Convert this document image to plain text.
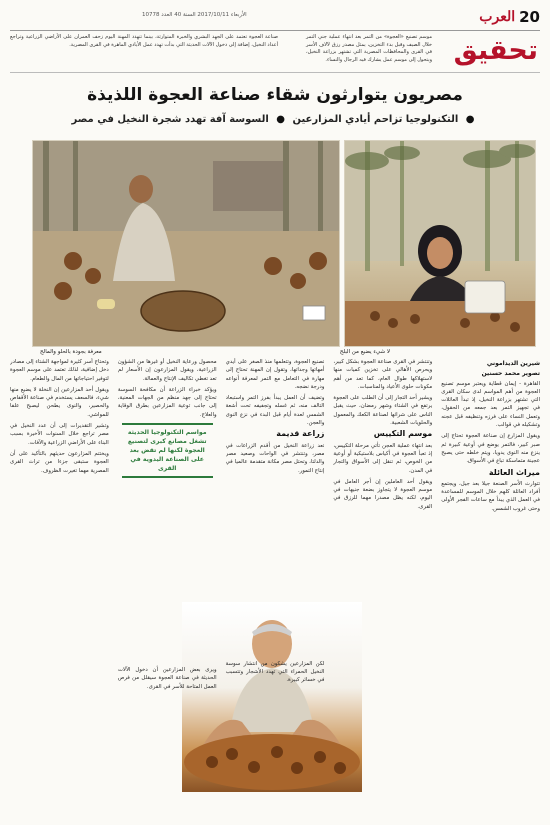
20
العرب
الأربعاء 2017/10/11 السنة 40 العدد 10778
تحقيق
موسم تصنيع «العجوة» من التمر بعد انتهاء عملية جني التمر خلال الصيف وقبل بدء التخزين، يمثل مصدر رزق لآلاف الأسر في القرى والمحافظات المصرية التي تشتهر بزراعة النخيل، ويتحول إلى موسم عمل يشارك فيه الرجال والنساء.
صناعة العجوة تعتمد على الجهد البشري والخبرة المتوارثة، بينما تتهدد المهنة اليوم زحف العمران على الأراضي الزراعية وتراجع أعداد النخيل، إضافة إلى دخول الآلات الحديثة التي بدأت تهدد عمل الأيادي الماهرة في القرى المصرية.
مصريون يتوارثون شقاء صناعة العجوة اللذيذة
● التكنولوجيا تزاحم أيادي المزارعين ● السوسة آفة تهدد شجرة النخيل في مصر
لا شيء يضيع من البلح
معرفة بجودة بالحلو والمالح
شيرين الديداموني
تصوير محمد حسنين

القاهرة - إيمان قطاية ويعتبر موسم تصنيع العجوة من أهم المواسم لدى سكان القرى التي تشتهر بزراعة النخيل، إذ تبدأ العائلات في تجهيز التمر بعد جمعه من الحقول، وتعمل النساء على فرزه وتنظيفه قبل عجنه وتشكيله في قوالب.

ويقول المزارع إن صناعة العجوة تحتاج إلى صبر كبير، فالتمر يوضع في أوعية كبيرة ثم ينزع منه النوى يدويا، ويتم خلطه حتى يصبح عجينة متماسكة تباع في الأسواق.

ميراث العائلة

تتوارث الأسر الصنعة جيلا بعد جيل، ويجتمع أفراد العائلة كلهم خلال الموسم للمساعدة في العمل الذي يبدأ مع ساعات الفجر الأولى وحتى غروب الشمس.

وتنتشر في القرى صناعة العجوة بشكل كبير، ويحرص الأهالي على تخزين كميات منها لاستهلاكها طوال العام، كما تعد من أهم مكونات حلوى الأعياد والمناسبات.

ويشير أحد التجار إلى أن الطلب على العجوة يرتفع في الشتاء وشهر رمضان، حيث يقبل الناس على شرائها لصناعة الكعك والمعمول والحلويات الشعبية.

موسم التكييس

بعد انتهاء عملية العجن تأتي مرحلة التكييس، إذ تعبأ العجوة في أكياس بلاستيكية أو أوعية من الخوص، ثم تنقل إلى الأسواق والتجار في المدن.

ويقول أحد العاملين إن أجر العامل في موسم العجوة لا يتجاوز بضعة جنيهات في اليوم، لكنه يظل مصدرا مهما للرزق في القرى.

تصنيع العجوة، وتتعلمها منذ الصغر على أيدي أمهاتها وجداتها، وتقول إن المهنة تحتاج إلى مهارة في التعامل مع التمر لمعرفة أنواعه ودرجة نضجه.

وتضيف أن العمل يبدأ بفرز التمر واستبعاد التالف منه، ثم غسله وتجفيفه تحت أشعة الشمس لعدة أيام قبل البدء في نزع النوى والعجن.

زراعة قديمة

تعد زراعة النخيل من أقدم الزراعات في مصر، وتنتشر في الواحات وصعيد مصر والدلتا، وتحتل مصر مكانة متقدمة عالميا في إنتاج التمور.

لكن المزارعين يشكون من انتشار سوسة النخيل الحمراء التي تهدد الأشجار وتتسبب في خسائر كبيرة.

محصول ورعاية النخيل أو غيرها من الشؤون الزراعية، ويقول المزارعون إن الأسعار لم تعد تغطي تكاليف الإنتاج والعمالة.

ويؤكد خبراء الزراعة أن مكافحة السوسة تحتاج إلى جهد منظم من الجهات المعنية، إلى جانب توعية المزارعين بطرق الوقاية والعلاج.

مواسم التكنولوجيا الحديثة تشغل مصانع كبرى لتصنيع العجوة لكنها لم تقض بعد على الصناعة اليدوية في القرى

ويرى بعض المزارعين أن دخول الآلات الحديثة في صناعة العجوة سيقلل من فرص العمل المتاحة للأسر في القرى.

وتحتاج أسر كثيرة لمواجهة الشتاء إلى مصادر دخل إضافية، لذلك تعتمد على موسم العجوة لتوفير احتياجاتها من المال والطعام.

ويقول أحد المزارعين إن النخلة لا يضيع منها شيء، فالسعف يستخدم في صناعة الأقفاص والحصير، والنوى يطحن ليصبح علفا للمواشي.

وتشير التقديرات إلى أن عدد النخيل في مصر تراجع خلال السنوات الأخيرة بسبب البناء على الأراضي الزراعية والآفات.

ويختتم المزارعون حديثهم بالتأكيد على أن العجوة ستبقى جزءا من تراث القرى المصرية مهما تغيرت الظروف.
